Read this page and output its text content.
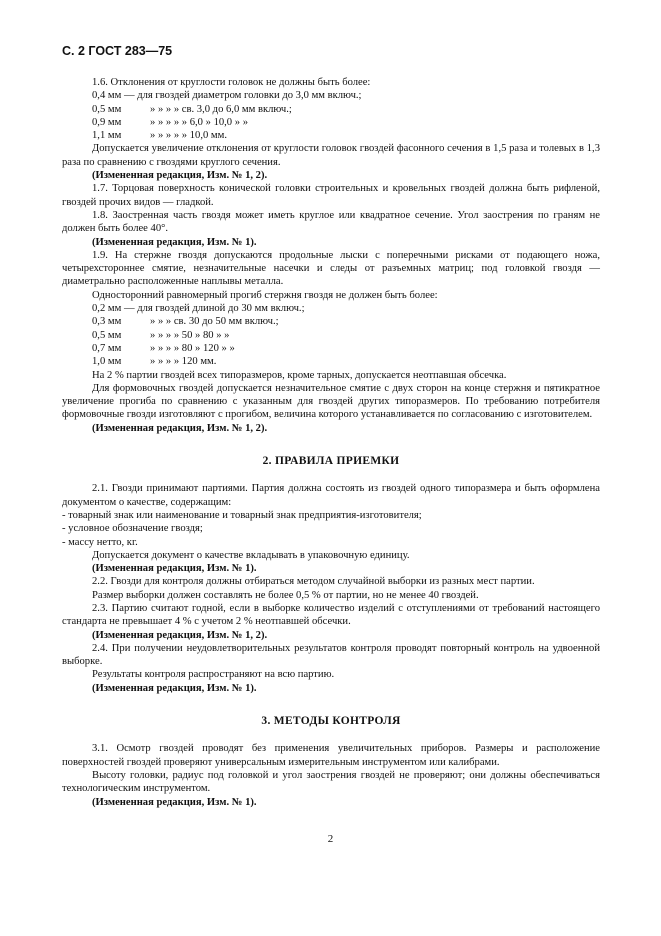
С. 2 ГОСТ 283—75

1.6. Отклонения от круглости головок не должны быть более:

0,4 мм — для гвоздей диаметром головки до
3,0 мм включ.;
0,5 мм	» » » » св. 3,0 до 6,0 мм включ.;
0,9 мм	» » » » » 6,0 » 10,0 » »
1,1 мм	» » » » » 10,0 мм.

Допускается увеличение отклонения от круглости головок гвоздей фасонного сечения в 1,5 раза и толевых в 1,3 раза по сравнению с гвоздями круглого сечения.

(Измененная редакция, Изм. № 1, 2).

1.7. Торцовая поверхность конической головки строительных и кровельных гвоздей должна быть рифленой, гвоздей прочих видов — гладкой.

1.8. Заостренная часть гвоздя может иметь круглое или квадратное сечение. Угол заострения по граням не должен быть более 40°.

(Измененная редакция, Изм. № 1).

1.9. На стержне гвоздя допускаются продольные лыски с поперечными рисками от подающего ножа, четырехстороннее смятие, незначительные насечки и следы от разъемных матриц; под головкой гвоздя — диаметрально расположенные наплывы металла.

Односторонний равномерный прогиб стержня гвоздя не должен быть более:

0,2 мм — для гвоздей длиной до
30 мм включ.;
0,3 мм	» » » св. 30 до 50 мм включ.;
0,5 мм	» » » » 50 » 80 » »
0,7 мм	» » » » 80 » 120 » »
1,0 мм	» » » » 120 мм.

На 2 % партии гвоздей всех типоразмеров, кроме тарных, допускается неотпавшая обсечка.

Для формовочных гвоздей допускается незначительное смятие с двух сторон на конце стержня и пятикратное увеличение прогиба по сравнению с указанным для гвоздей других типоразмеров. По требованию потребителя формовочные гвозди изготовляют с прогибом, величина которого устанавливается по согласованию с изготовителем.

(Измененная редакция, Изм. № 1, 2).

2. ПРАВИЛА ПРИЕМКИ

2.1. Гвозди принимают партиями. Партия должна состоять из гвоздей одного типоразмера и быть оформлена документом о качестве, содержащим:

- товарный знак или наименование и товарный знак предприятия-изготовителя;

- условное обозначение гвоздя;

- массу нетто, кг.

Допускается документ о качестве вкладывать в упаковочную единицу.

(Измененная редакция, Изм. № 1).

2.2. Гвозди для контроля должны отбираться методом случайной выборки из разных мест партии.

Размер выборки должен составлять не более 0,5 % от партии, но не менее 40 гвоздей.

2.3. Партию считают годной, если в выборке количество изделий с отступлениями от требований настоящего стандарта не превышает 4 % с учетом 2 % неотпавшей обсечки.

(Измененная редакция, Изм. № 1, 2).

2.4. При получении неудовлетворительных результатов контроля проводят повторный контроль на удвоенной выборке.

Результаты контроля распространяют на всю партию.

(Измененная редакция, Изм. № 1).

3. МЕТОДЫ КОНТРОЛЯ

3.1. Осмотр гвоздей проводят без применения увеличительных приборов. Размеры и расположение поверхностей гвоздей проверяют универсальным измерительным инструментом или калибрами.

Высоту головки, радиус под головкой и угол заострения гвоздей не проверяют; они должны обеспечиваться технологическим инструментом.

(Измененная редакция, Изм. № 1).

2
